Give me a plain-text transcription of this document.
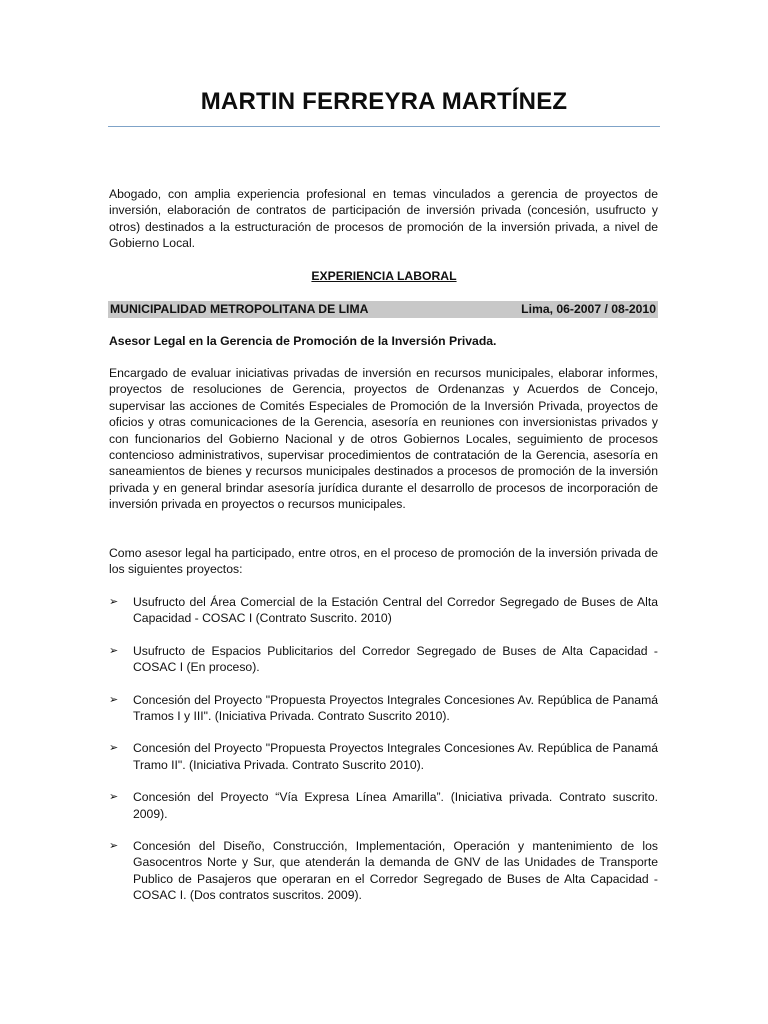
MARTIN FERREYRA MARTÍNEZ

Abogado, con amplia experiencia profesional en temas vinculados a gerencia de proyectos de inversión, elaboración de contratos de participación de inversión privada (concesión, usufructo y otros) destinados a la estructuración de procesos de promoción de la inversión privada, a nivel de Gobierno Local.

EXPERIENCIA LABORAL
MUNICIPALIDAD METROPOLITANA DE LIMA	Lima, 06-2007 / 08-2010
Asesor Legal en la Gerencia de Promoción de la Inversión Privada.

Encargado de evaluar iniciativas privadas de inversión en recursos municipales, elaborar informes, proyectos de resoluciones de Gerencia, proyectos de Ordenanzas y Acuerdos de Concejo, supervisar las acciones de Comités Especiales de Promoción de la Inversión Privada, proyectos de oficios y otras comunicaciones de la Gerencia, asesoría en reuniones con inversionistas privados y con funcionarios del Gobierno Nacional y de otros Gobiernos Locales, seguimiento de procesos contencioso administrativos, supervisar procedimientos de contratación de la Gerencia, asesoría en saneamientos de bienes y recursos municipales destinados a procesos de promoción de la inversión privada y en general brindar asesoría jurídica durante el desarrollo de procesos de incorporación de inversión privada en proyectos o recursos municipales.

Como asesor legal ha participado, entre otros, en el proceso de promoción de la inversión privada de los siguientes proyectos:

➢ Usufructo del Área Comercial de la Estación Central del Corredor Segregado de Buses de Alta Capacidad - COSAC I (Contrato Suscrito. 2010)
➢ Usufructo de Espacios Publicitarios del Corredor Segregado de Buses de Alta Capacidad - COSAC I (En proceso).
➢ Concesión del Proyecto "Propuesta Proyectos Integrales Concesiones Av. República de Panamá Tramos I y III". (Iniciativa Privada. Contrato Suscrito 2010).
➢ Concesión del Proyecto "Propuesta Proyectos Integrales Concesiones Av. República de Panamá Tramo II". (Iniciativa Privada. Contrato Suscrito 2010).
➢ Concesión del Proyecto “Vía Expresa Línea Amarilla”. (Iniciativa privada. Contrato suscrito. 2009).
➢ Concesión del Diseño, Construcción, Implementación, Operación y mantenimiento de los Gasocentros Norte y Sur, que atenderán la demanda de GNV de las Unidades de Transporte Publico de Pasajeros que operaran en el Corredor Segregado de Buses de Alta Capacidad - COSAC I. (Dos contratos suscritos. 2009).
